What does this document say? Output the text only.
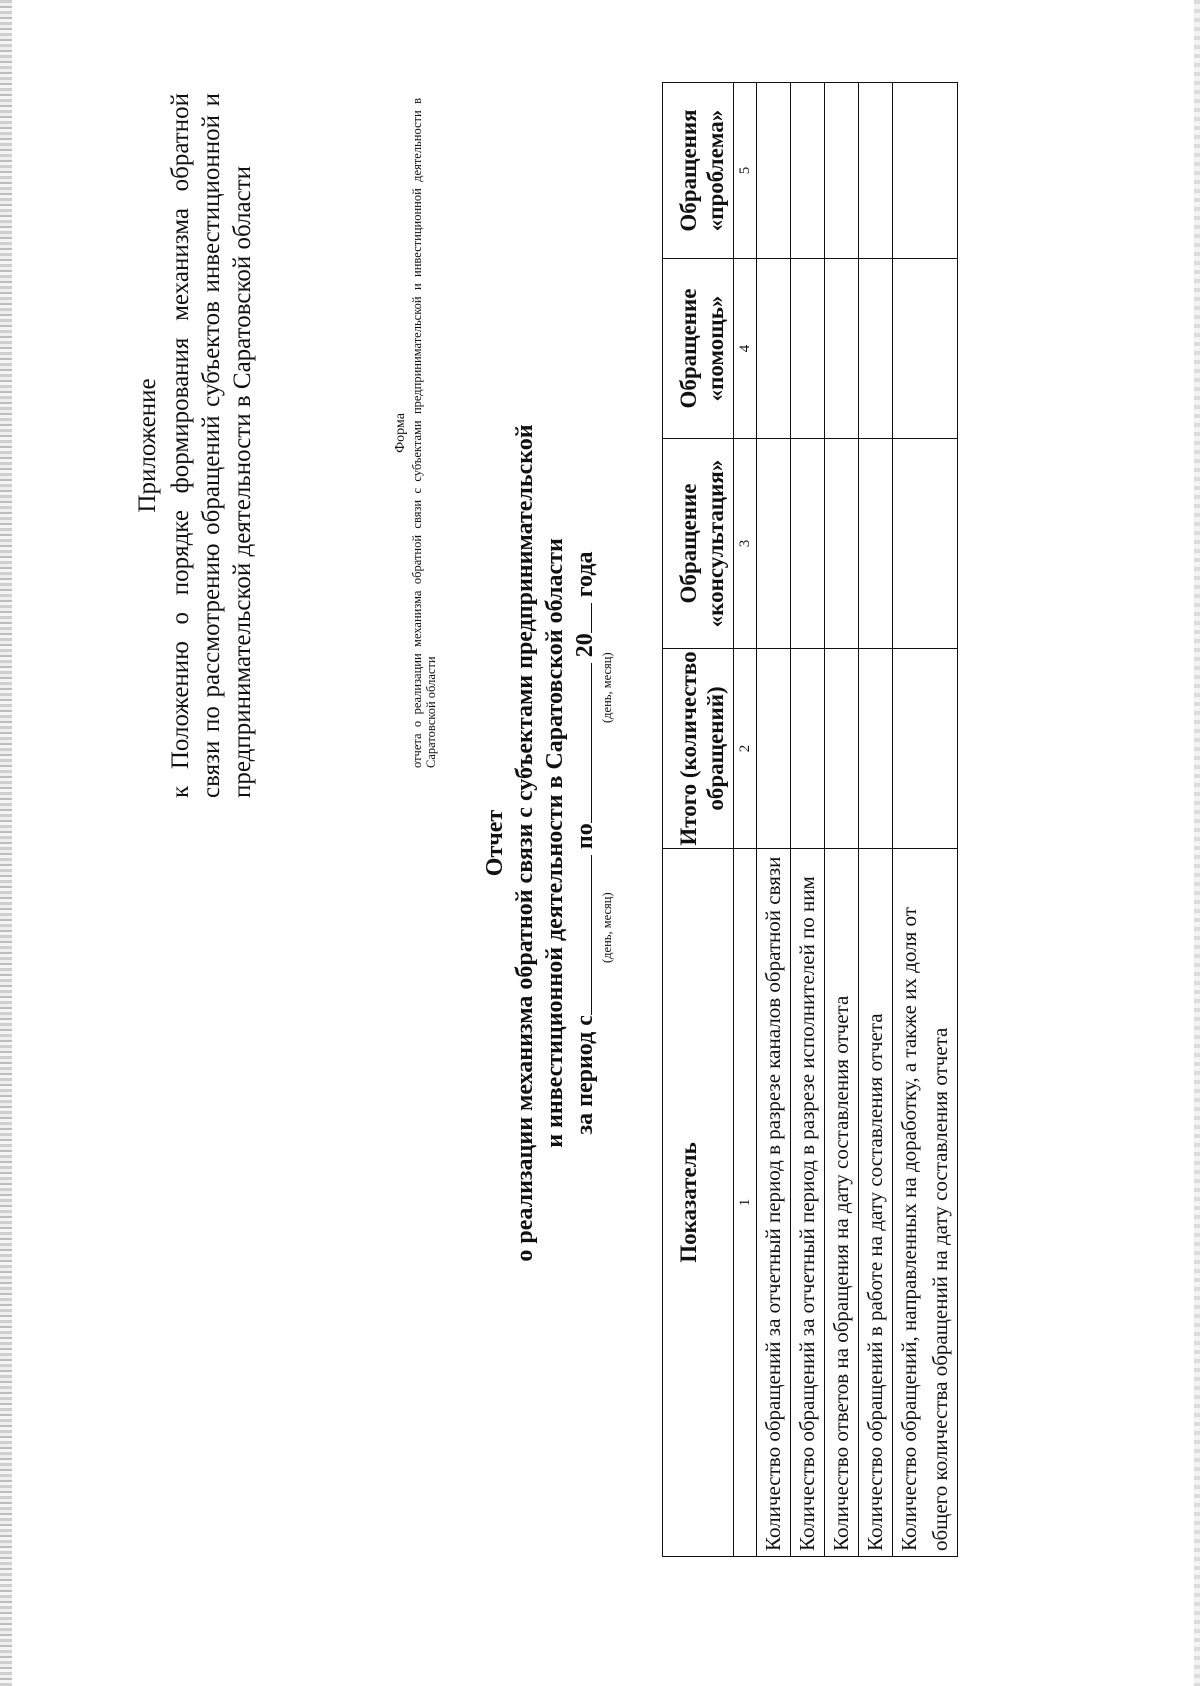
Приложение к Положению о порядке формирования механизма обратной связи по рассмотрению обращений субъектов инвестиционной и предпринимательской деятельности в Саратовской области	Форма отчета о реализации механизма обратной связи с субъектами предпринимательской и инвестиционной деятельности в Саратовской области
Отчет о реализации механизма обратной связи с субъектами предпринимательской и инвестиционной деятельности в Саратовской области за период с по 20 года
(день, месяц)
(день, месяц)
Показатель	Итого (количество обращений)	Обращение «консультация»	Обращение «помощь»	Обращения «проблема»
1	2	3	4	5
Количество обращений за отчетный период в разрезе каналов обратной связи				
Количество обращений за отчетный период в разрезе исполнителей по ним				
Количество ответов на обращения на дату составления отчета				
Количество обращений в работе на дату составления отчета				
Количество обращений, направленных на доработку, а также их доля от общего количества обращений на дату составления отчета				
